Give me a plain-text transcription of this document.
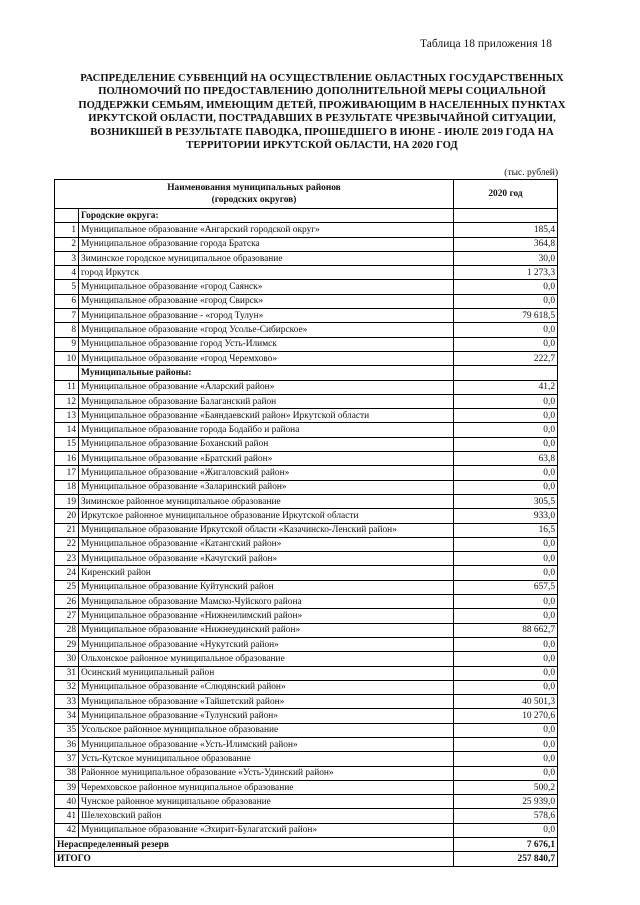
Таблица 18 приложения 18
РАСПРЕДЕЛЕНИЕ СУБВЕНЦИЙ НА ОСУЩЕСТВЛЕНИЕ ОБЛАСТНЫХ ГОСУДАРСТВЕННЫХ
ПОЛНОМОЧИЙ ПО ПРЕДОСТАВЛЕНИЮ ДОПОЛНИТЕЛЬНОЙ МЕРЫ СОЦИАЛЬНОЙ
ПОДДЕРЖКИ СЕМЬЯМ, ИМЕЮЩИМ ДЕТЕЙ, ПРОЖИВАЮЩИМ В НАСЕЛЕННЫХ ПУНКТАХ
ИРКУТСКОЙ ОБЛАСТИ, ПОСТРАДАВШИХ В РЕЗУЛЬТАТЕ ЧРЕЗВЫЧАЙНОЙ СИТУАЦИИ,
ВОЗНИКШЕЙ В РЕЗУЛЬТАТЕ ПАВОДКА, ПРОШЕДШЕГО В ИЮНЕ - ИЮЛЕ 2019 ГОДА НА
ТЕРРИТОРИИ ИРКУТСКОЙ ОБЛАСТИ, НА 2020 ГОД
(тыс. рублей)
Наименования муниципальных районов
(городских округов)		2020 год
	Городские округа:	
1	Муниципальное образование «Ангарский городской округ»	185,4
2	Муниципальное образование города Братска	364,8
3	Зиминское городское муниципальное образование	30,0
4	город Иркутск	1 273,3
5	Муниципальное образование «город Саянск»	0,0
6	Муниципальное образование «город Свирск»	0,0
7	Муниципальное образование - «город Тулун»	79 618,5
8	Муниципальное образование «город Усолье-Сибирское»	0,0
9	Муниципальное образование город Усть-Илимск	0,0
10	Муниципальное образование «город Черемхово»	222,7
	Муниципальные районы:	
11	Муниципальное образование «Аларский район»	41,2
12	Муниципальное образование Балаганский район	0,0
13	Муниципальное образование «Баяндаевский район» Иркутской области	0,0
14	Муниципальное образование города Бодайбо и района	0,0
15	Муниципальное образование Боханский район	0,0
16	Муниципальное образование «Братский район»	63,8
17	Муниципальное образование «Жигаловский район»	0,0
18	Муниципальное образование «Заларинский район»	0,0
19	Зиминское районное муниципальное образование	305,5
20	Иркутское районное муниципальное образование Иркутской области	933,0
21	Муниципальное образование Иркутской области «Казачинско-Ленский район»	16,5
22	Муниципальное образование «Катангский район»	0,0
23	Муниципальное образование «Качугский район»	0,0
24	Киренский район	0,0
25	Муниципальное образование Куйтунский район	657,5
26	Муниципальное образование Мамско-Чуйского района	0,0
27	Муниципальное образование «Нижнеилимский район»	0,0
28	Муниципальное образование «Нижнеудинский район»	88 662,7
29	Муниципальное образование «Нукутский район»	0,0
30	Ольхонское районное муниципальное образование	0,0
31	Осинский муниципальный район	0,0
32	Муниципальное образование «Слюдянский район»	0,0
33	Муниципальное образование «Тайшетский район»	40 501,3
34	Муниципальное образование «Тулунский район»	10 270,6
35	Усольское районное муниципальное образование	0,0
36	Муниципальное образование «Усть-Илимский район»	0,0
37	Усть-Кутское муниципальное образование	0,0
38	Районное муниципальное образование «Усть-Удинский район»	0,0
39	Черемховское районное муниципальное образование	500,2
40	Чунское районное муниципальное образование	25 939,0
41	Шелеховский район	578,6
42	Муниципальное образование «Эхирит-Булагатский район»	0,0
Нераспределенный резерв		7 676,1
ИТОГО		257 840,7
